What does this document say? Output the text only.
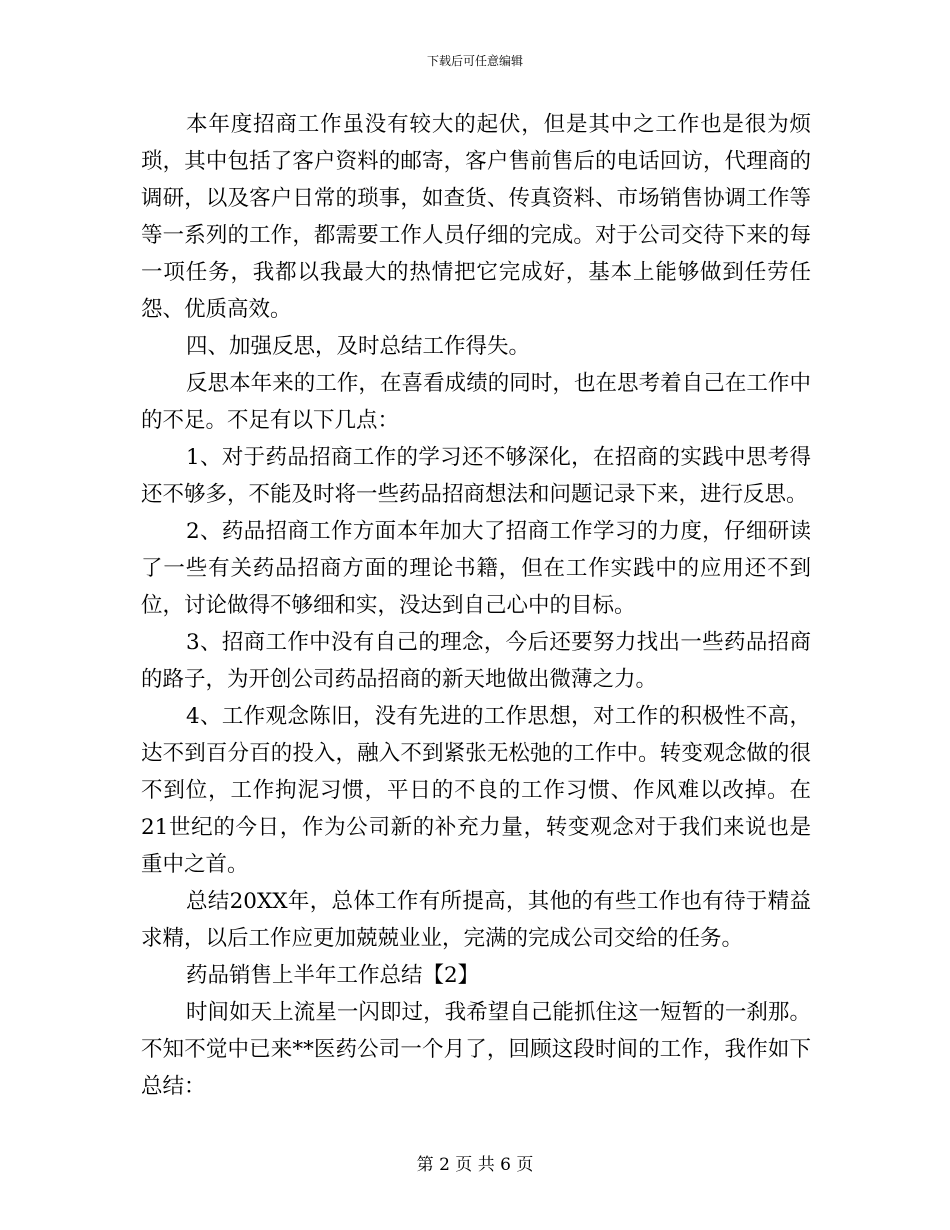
下载后可任意编辑

本年度招商工作虽没有较大的起伏，但是其中之工作也是很为烦琐，其中包括了客户资料的邮寄，客户售前售后的电话回访，代理商的调研，以及客户日常的琐事，如查货、传真资料、市场销售协调工作等等一系列的工作，都需要工作人员仔细的完成。对于公司交待下来的每一项任务，我都以我最大的热情把它完成好，基本上能够做到任劳任怨、优质高效。

四、加强反思，及时总结工作得失。

反思本年来的工作，在喜看成绩的同时，也在思考着自己在工作中的不足。不足有以下几点：

1、对于药品招商工作的学习还不够深化，在招商的实践中思考得还不够多，不能及时将一些药品招商想法和问题记录下来，进行反思。

2、药品招商工作方面本年加大了招商工作学习的力度，仔细研读了一些有关药品招商方面的理论书籍，但在工作实践中的应用还不到位，讨论做得不够细和实，没达到自己心中的目标。

3、招商工作中没有自己的理念，今后还要努力找出一些药品招商的路子，为开创公司药品招商的新天地做出微薄之力。

4、工作观念陈旧，没有先进的工作思想，对工作的积极性不高，达不到百分百的投入，融入不到紧张无松弛的工作中。转变观念做的很不到位，工作拘泥习惯，平日的不良的工作习惯、作风难以改掉。在21世纪的今日，作为公司新的补充力量，转变观念对于我们来说也是重中之首。

总结20XX年，总体工作有所提高，其他的有些工作也有待于精益求精，以后工作应更加兢兢业业，完满的完成公司交给的任务。

药品销售上半年工作总结【2】

时间如天上流星一闪即过，我希望自己能抓住这一短暂的一刹那。不知不觉中已来**医药公司一个月了，回顾这段时间的工作，我作如下总结：

第 2 页 共 6 页
